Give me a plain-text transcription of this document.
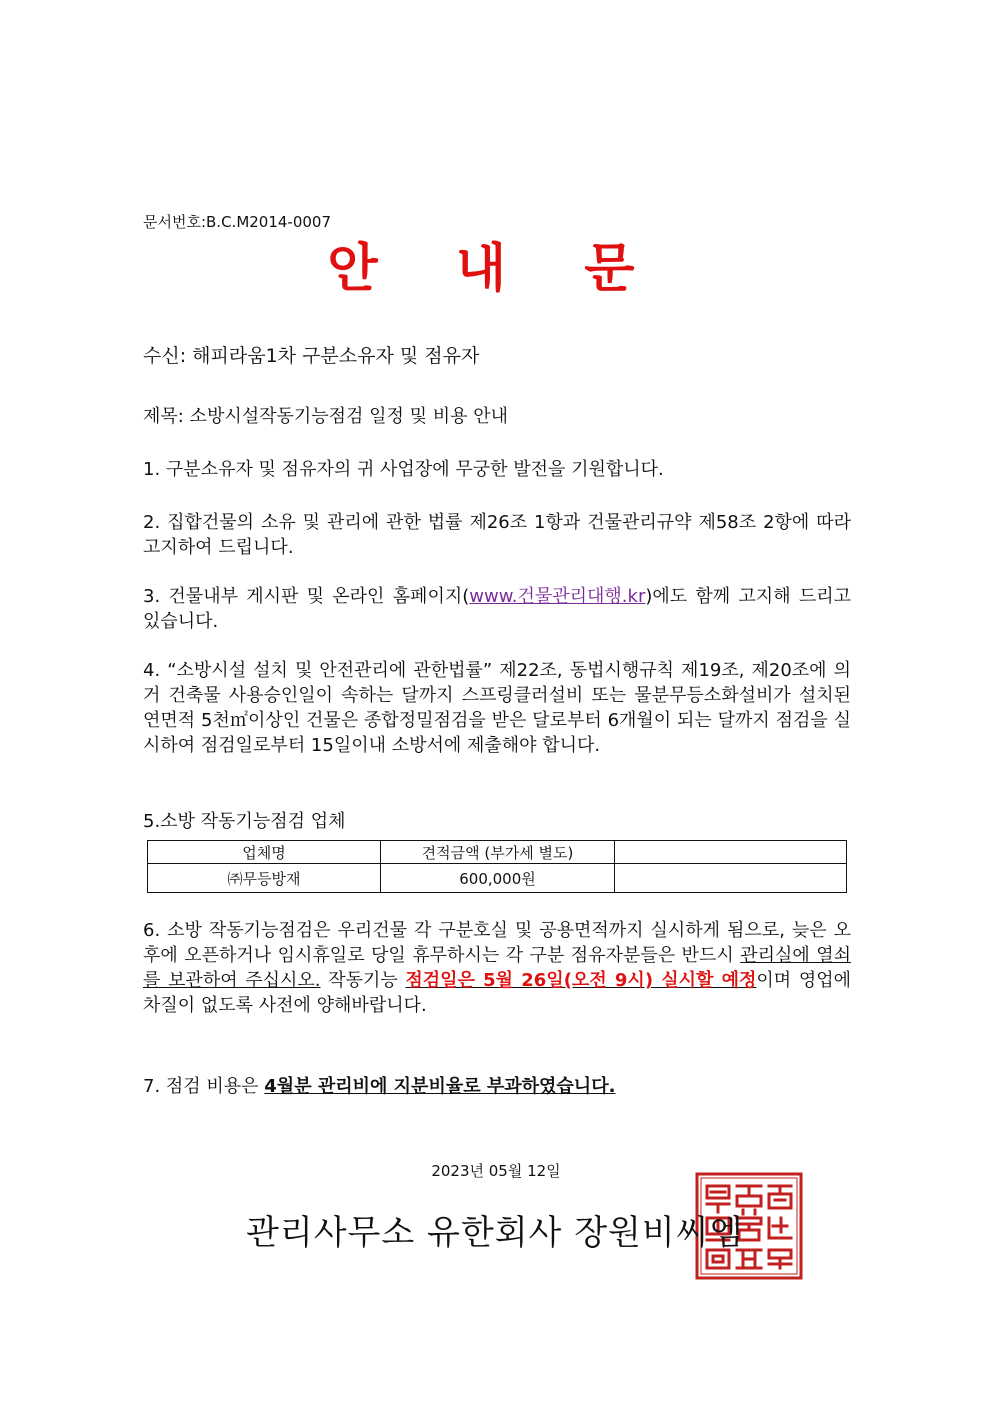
문서번호:B.C.M2014-0007
안 내 문
수신: 해피라움1차 구분소유자 및 점유자
제목: 소방시설작동기능점검 일정 및 비용 안내
1. 구분소유자 및 점유자의 귀 사업장에 무궁한 발전을 기원합니다.
2. 집합건물의 소유 및 관리에 관한 법률 제26조 1항과 건물관리규약 제58조 2항에 따라 고지하여 드립니다.
3. 건물내부 게시판 및 온라인 홈페이지(www.건물관리대행.kr)에도 함께 고지해 드리고 있습니다.
4. “소방시설 설치 및 안전관리에 관한법률” 제22조, 동법시행규칙 제19조, 제20조에 의거 건축물 사용승인일이 속하는 달까지 스프링클러설비 또는 물분무등소화설비가 설치된 연면적 5천㎡이상인 건물은 종합정밀점검을 받은 달로부터 6개월이 되는 달까지 점검을 실시하여 점검일로부터 15일이내 소방서에 제출해야 합니다.
5.소방 작동기능점검 업체
업체명	견적금액 (부가세 별도)	
㈜무등방재	600,000원	
6. 소방 작동기능점검은 우리건물 각 구분호실 및 공용면적까지 실시하게 됨으로, 늦은 오후에 오픈하거나 임시휴일로 당일 휴무하시는 각 구분 점유자분들은 반드시 관리실에 열쇠를 보관하여 주십시오. 작동기능 점검일은 5월 26일(오전 9시) 실시할 예정이며 영업에 차질이 없도록 사전에 양해바랍니다.
7. 점검 비용은 4월분 관리비에 지분비율로 부과하였습니다.
2023년 05월 12일
관리사무소 유한회사 장원비씨엠
